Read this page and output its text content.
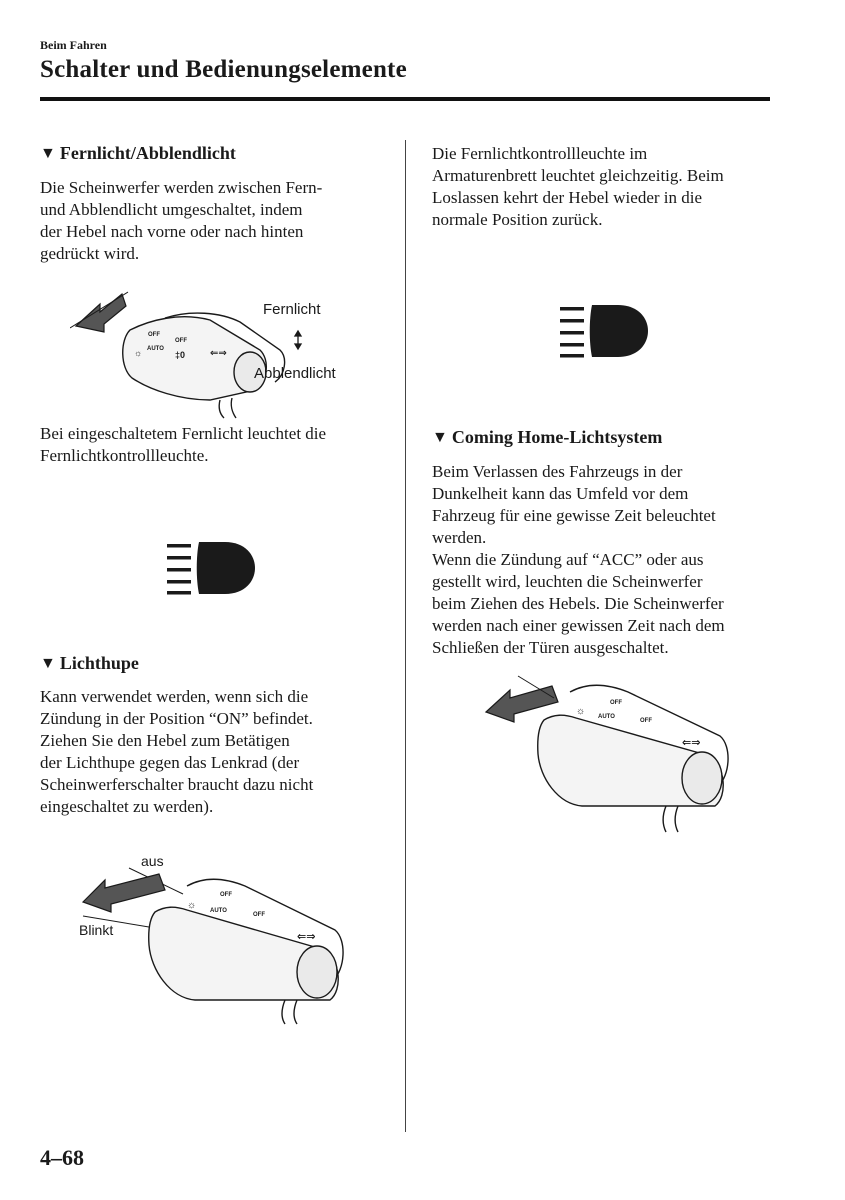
Beim Fahren
Schalter und Bedienungselemente
▼ Fernlicht/Abblendlicht

Die Scheinwerfer werden zwischen Fern-

und Abblendlicht umgeschaltet, indem

der Hebel nach vorne oder nach hinten

gedrückt wird.

OFF
OFF
AUTO
☼	‡0 ⇐⇒
Fernlicht
Abblendlicht

Bei eingeschaltetem Fernlicht leuchtet die

Fernlichtkontrollleuchte.

▼ Lichthupe

Kann verwendet werden, wenn sich die

Zündung in der Position “ON” befindet.

Ziehen Sie den Hebel zum Betätigen

der Lichthupe gegen das Lenkrad (der

Scheinwerferschalter braucht dazu nicht

eingeschaltet zu werden).

aus
Blinkt
OFF
OFF
AUTO
☼
⇐⇒

Die Fernlichtkontrollleuchte im

Armaturenbrett leuchtet gleichzeitig. Beim

Loslassen kehrt der Hebel wieder in die

normale Position zurück.

▼ Coming Home-Lichtsystem

Beim Verlassen des Fahrzeugs in der

Dunkelheit kann das Umfeld vor dem

Fahrzeug für eine gewisse Zeit beleuchtet

werden.

Wenn die Zündung auf “ACC” oder aus

gestellt wird, leuchten die Scheinwerfer

beim Ziehen des Hebels. Die Scheinwerfer

werden nach einer gewissen Zeit nach dem

Schließen der Türen ausgeschaltet.

OFF
OFF
AUTO
☼
⇐⇒
4–68
